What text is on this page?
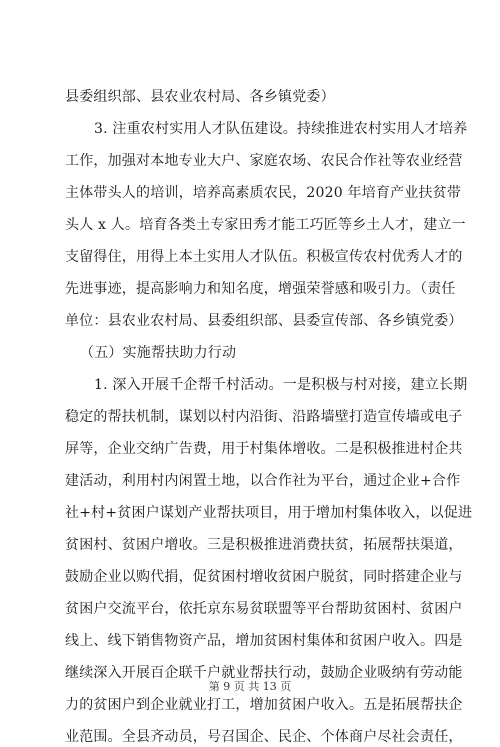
县委组织部、县农业农村局、各乡镇党委）
3. 注重农村实用人才队伍建设。持续推进农村实用人才培养
工作，加强对本地专业大户、家庭农场、农民合作社等农业经营
主体带头人的培训，培养高素质农民，2020 年培育产业扶贫带
头人 x 人。培育各类土专家田秀才能工巧匠等乡土人才，建立一
支留得住，用得上本土实用人才队伍。积极宣传农村优秀人才的
先进事迹，提高影响力和知名度，增强荣誉感和吸引力。（责任
单位：县农业农村局、县委组织部、县委宣传部、各乡镇党委）
（五）实施帮扶助力行动
1. 深入开展千企帮千村活动。一是积极与村对接，建立长期
稳定的帮扶机制，谋划以村内沿街、沿路墙壁打造宣传墙或电子
屏等，企业交纳广告费，用于村集体增收。二是积极推进村企共
建活动，利用村内闲置土地，以合作社为平台，通过企业+合作
社+村+贫困户谋划产业帮扶项目，用于增加村集体收入，以促进
贫困村、贫困户增收。三是积极推进消费扶贫，拓展帮扶渠道，
鼓励企业以购代捐，促贫困村增收贫困户脱贫，同时搭建企业与
贫困户交流平台，依托京东易贫联盟等平台帮助贫困村、贫困户
线上、线下销售物资产品，增加贫困村集体和贫困户收入。四是
继续深入开展百企联千户就业帮扶行动，鼓励企业吸纳有劳动能
力的贫困户到企业就业打工，增加贫困户收入。五是拓展帮扶企
业范围。全县齐动员，号召国企、民企、个体商户尽社会责任，
第 9 页 共 13 页
